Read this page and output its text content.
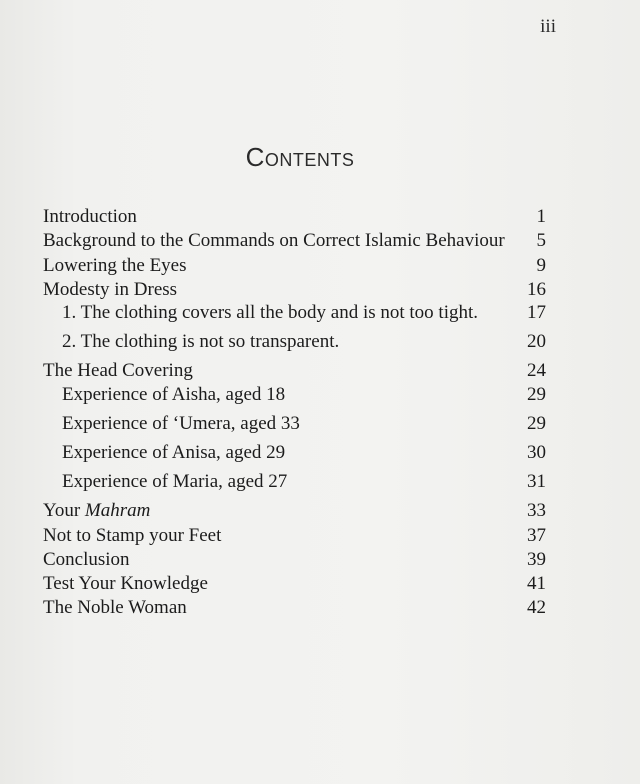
iii
Contents
Introduction	1
Background to the Commands on Correct Islamic Behaviour 5
Lowering the Eyes	9
Modesty in Dress	16
1. The clothing covers all the body and is not too tight.	17
2. The clothing is not so transparent.	20
The Head Covering	24
Experience of Aisha, aged 18	29
Experience of ‘Umera, aged 33	29
Experience of Anisa, aged 29	30
Experience of Maria, aged 27	31
Your Mahram	33
Not to Stamp your Feet	37
Conclusion	39
Test Your Knowledge	41
The Noble Woman	42
